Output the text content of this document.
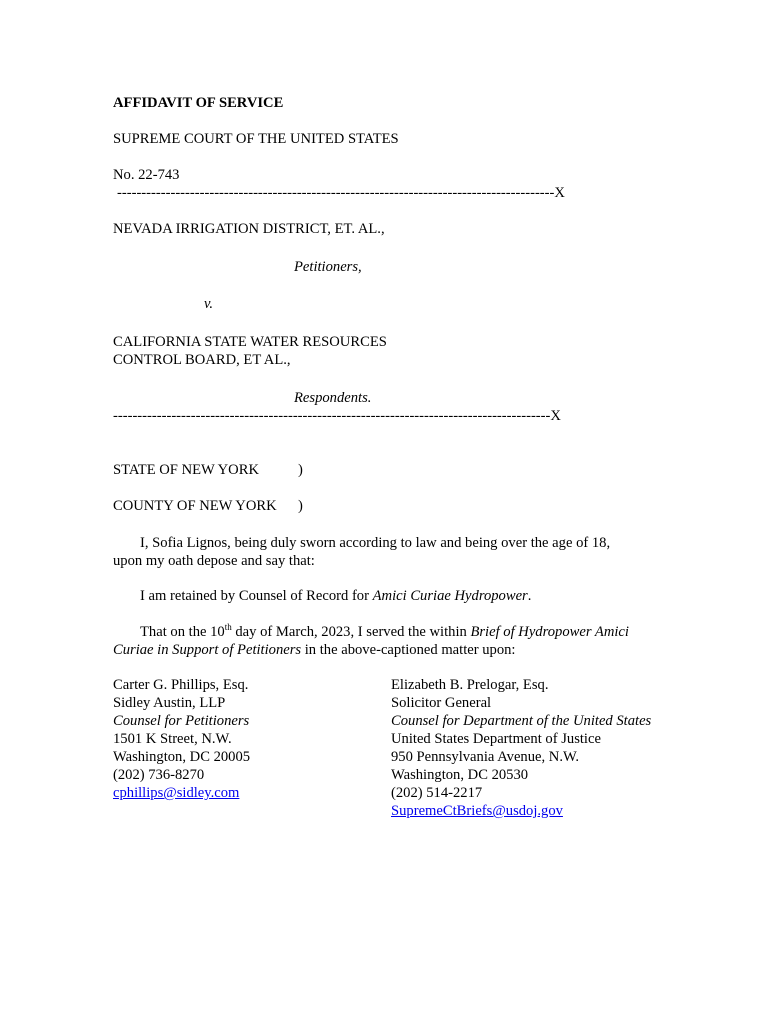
AFFIDAVIT OF SERVICE
SUPREME COURT OF THE UNITED STATES
No. 22-743
------------------------------------------------------------------------------------------X
NEVADA IRRIGATION DISTRICT, ET. AL.,
Petitioners,
v.
CALIFORNIA STATE WATER RESOURCES
CONTROL BOARD, ET AL.,
Respondents.
------------------------------------------------------------------------------------------X
STATE OF NEW YORK	)
COUNTY OF NEW YORK )
I, Sofia Lignos, being duly sworn according to law and being over the age of 18,
upon my oath depose and say that:
I am retained by Counsel of Record for Amici Curiae Hydropower.
That on the 10th day of March, 2023, I served the within Brief of Hydropower Amici
Curiae in Support of Petitioners in the above-captioned matter upon:
Carter G. Phillips, Esq.
Sidley Austin, LLP
Counsel for Petitioners
1501 K Street, N.W.
Washington, DC 20005
(202) 736-8270
cphillips@sidley.com
Elizabeth B. Prelogar, Esq.
Solicitor General
Counsel for Department of the United States
United States Department of Justice
950 Pennsylvania Avenue, N.W.
Washington, DC 20530
(202) 514-2217
SupremeCtBriefs@usdoj.gov
